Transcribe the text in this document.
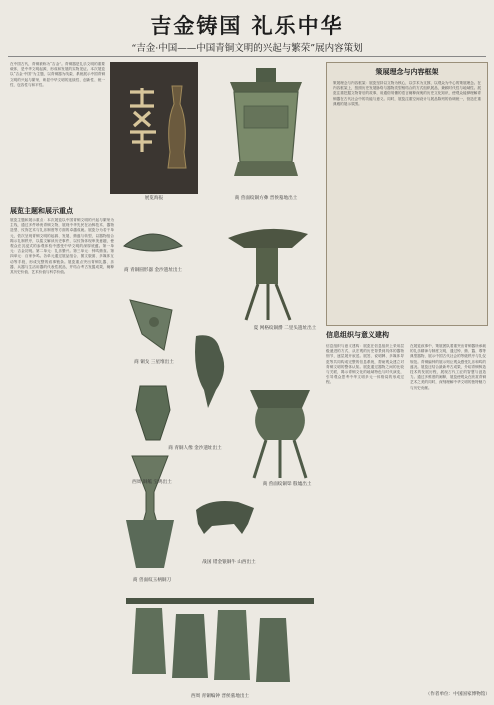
吉金铸国 礼乐中华
“吉金·中国——中国青铜文明的兴起与繁荣”展内容策划
在中国古代，青铜被称为“吉金”。青铜器是礼乐文明的重要载体，是中华文明起源、形成和发展的实物见证。本次展览以“吉金·中国”为主题，以青铜器为线索，系统展示中国青铜文明的兴起与繁荣，彰显中华文明的连续性、创新性、统一性、包容性与和平性。
展览海报	商 兽面纹铜方彝 晋侯墓地出土
展览主题和展示重点
展览主题和展示重点：本次展览以中国青铜文明的兴起与繁荣为主线，通过多件珍贵青铜文物，展现中华先民在冶铸技术、器物造型、纹饰艺术与礼乐制度等方面的卓越成就。展览分为若干单元，依次呈现青铜文明的起源、发展、鼎盛与转型，以器物组合揭示礼制秩序，以铭文解读历史事件，以纹饰体现审美意趣，使观众在沉浸式的参观体验中感受中华文明的深厚底蕴。第一单元：吉金初现。第二单元：礼乐肇兴。第三单元：钟鸣鼎食。第四单元：百家争鸣。各单元通过展品组合、图文版面、多媒体互动等手段，形成完整的叙事链条。展览重点突出青铜礼器、乐器、兵器与生活用器的代表性展品，并结合考古发掘成果，阐释其历史价值、艺术价值与科学价值。	商 青铜圆形器 金沙遗址出土
夏 网格纹铜爵 二里头遗址出土
商 铜戈 三星堆出土
商 青铜人像 金沙遗址出土
西周 铜觚 宝鸡出土	商 兽面纹铜斝 殷墟出土
战国 错金银铜牛 山西出土
商 兽面纹玉柄铜刀
西周 青铜编钟 晋侯墓地出土
策展理念与内容框架
策展理念与内容框架：展览坚持以文物为核心，以学术为支撑，以观众为中心的策展理念。在内容框架上，按照历史发展脉络与器物类型相结合的方式组织展品，兼顾时代性与地域性。展览注重挖掘文物背后的故事，用通俗易懂的语言阐释深奥的历史文化知识，使观众能够理解青铜器在古代社会中的功能与意义。同时，展览注重空间设计与展品陈列的协调统一，营造庄重典雅的展示氛围。
信息组织与意义建构
信息组织与意义建构：展览在信息组织上采用层级递进的方式，从宏观的历史背景到具体的器物细节，逐层展开叙述。展签、说明牌、多媒体导览等共同构成完整的信息系统，帮助观众建立对青铜文明的整体认知。展览通过器物之间的比较与关联，揭示青铜文化的地域特色与时代演变，引导观众思考中华文明多元一体格局的形成过程。
在展览叙事中，策展团队着重突出青铜器所承载的礼乐精神与制度文明，通过钟、鼎、簋、尊等典型器物，展示中国古代社会的等级秩序与礼仪规范。青铜编钟的展示则让观众感受礼乐和鸣的盛况。展览还结合最新考古成果，介绍青铜铸造技术的发展历程，展现古代工匠的智慧与创造力。通过多维度的阐释，展览使观众在欣赏青铜艺术之美的同时，深刻理解中华文明的独特魅力与历史贡献。
（作者单位：中国国家博物馆）
